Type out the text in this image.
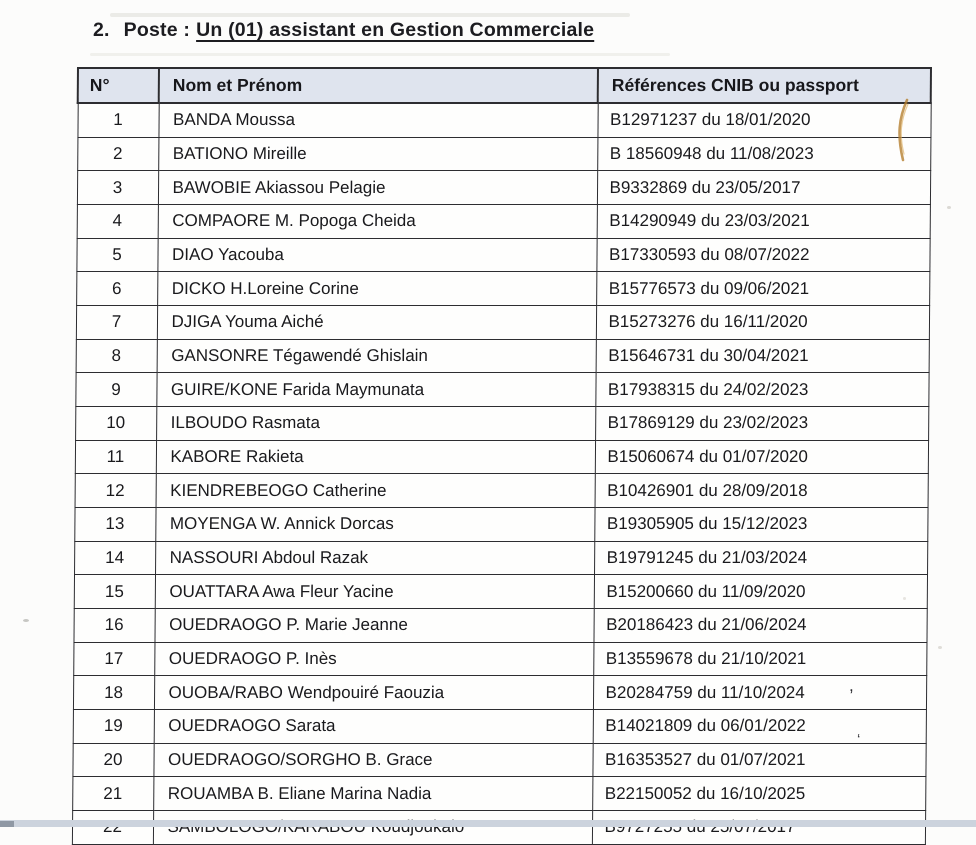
2. Poste : Un (01) assistant en Gestion Commerciale
N°	Nom et Prénom	Références CNIB ou passport
1	BANDA Moussa	B12971237 du 18/01/2020
2	BATIONO Mireille	B 18560948 du 11/08/2023
3	BAWOBIE Akiassou Pelagie	B9332869 du 23/05/2017
4	COMPAORE M. Popoga Cheida	B14290949 du 23/03/2021
5	DIAO Yacouba	B17330593 du 08/07/2022
6	DICKO H.Loreine Corine	B15776573 du 09/06/2021
7	DJIGA Youma Aiché	B15273276 du 16/11/2020
8	GANSONRE Tégawendé Ghislain	B15646731 du 30/04/2021
9	GUIRE/KONE Farida Maymunata	B17938315 du 24/02/2023
10	ILBOUDO Rasmata	B17869129 du 23/02/2023
11	KABORE Rakieta	B15060674 du 01/07/2020
12	KIENDREBEOGO Catherine	B10426901 du 28/09/2018
13	MOYENGA W. Annick Dorcas	B19305905 du 15/12/2023
14	NASSOURI Abdoul Razak	B19791245 du 21/03/2024
15	OUATTARA Awa Fleur Yacine	B15200660 du 11/09/2020
16	OUEDRAOGO P. Marie Jeanne	B20186423 du 21/06/2024
17	OUEDRAOGO P. Inès	B13559678 du 21/10/2021
18	OUOBA/RABO Wendpouiré Faouzia	B20284759 du 11/10/2024
19	OUEDRAOGO Sarata	B14021809 du 06/01/2022
20	OUEDRAOGO/SORGHO B. Grace	B16353527 du 01/07/2021
21	ROUAMBA B. Eliane Marina Nadia	B22150052 du 16/10/2025

,
‘
